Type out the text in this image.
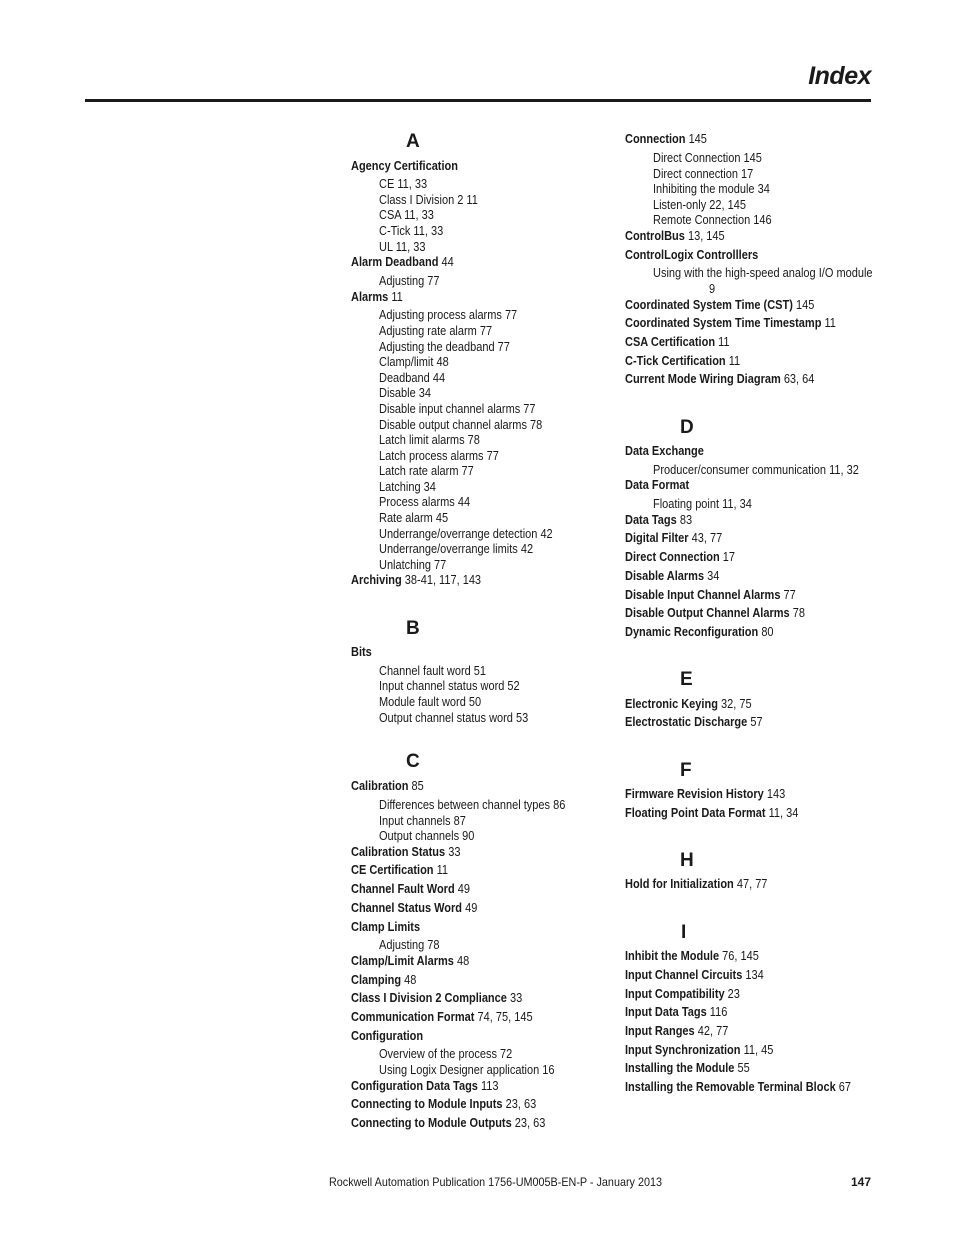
Index
A
Agency Certification
CE 11, 33
Class I Division 2 11
CSA 11, 33
C-Tick 11, 33
UL 11, 33
Alarm Deadband 44
Adjusting 77
Alarms 11
Adjusting process alarms 77
Adjusting rate alarm 77
Adjusting the deadband 77
Clamp/limit 48
Deadband 44
Disable 34
Disable input channel alarms 77
Disable output channel alarms 78
Latch limit alarms 78
Latch process alarms 77
Latch rate alarm 77
Latching 34
Process alarms 44
Rate alarm 45
Underrange/overrange detection 42
Underrange/overrange limits 42
Unlatching 77
Archiving 38-41, 117, 143
B
Bits
Channel fault word 51
Input channel status word 52
Module fault word 50
Output channel status word 53
C
Calibration 85
Differences between channel types 86
Input channels 87
Output channels 90
Calibration Status 33
CE Certification 11
Channel Fault Word 49
Channel Status Word 49
Clamp Limits
Adjusting 78
Clamp/Limit Alarms 48
Clamping 48
Class I Division 2 Compliance 33
Communication Format 74, 75, 145
Configuration
Overview of the process 72
Using Logix Designer application 16
Configuration Data Tags 113
Connecting to Module Inputs 23, 63
Connecting to Module Outputs 23, 63
Connection 145
Direct Connection 145
Direct connection 17
Inhibiting the module 34
Listen-only 22, 145
Remote Connection 146
ControlBus 13, 145
ControlLogix Controlllers
Using with the high-speed analog I/O module
9
Coordinated System Time (CST) 145
Coordinated System Time Timestamp 11
CSA Certification 11
C-Tick Certification 11
Current Mode Wiring Diagram 63, 64
D
Data Exchange
Producer/consumer communication 11, 32
Data Format
Floating point 11, 34
Data Tags 83
Digital Filter 43, 77
Direct Connection 17
Disable Alarms 34
Disable Input Channel Alarms 77
Disable Output Channel Alarms 78
Dynamic Reconfiguration 80
E
Electronic Keying 32, 75
Electrostatic Discharge 57
F
Firmware Revision History 143
Floating Point Data Format 11, 34
H
Hold for Initialization 47, 77
I
Inhibit the Module 76, 145
Input Channel Circuits 134
Input Compatibility 23
Input Data Tags 116
Input Ranges 42, 77
Input Synchronization 11, 45
Installing the Module 55
Installing the Removable Terminal Block 67
Rockwell Automation Publication 1756-UM005B-EN-P - January 2013	147
